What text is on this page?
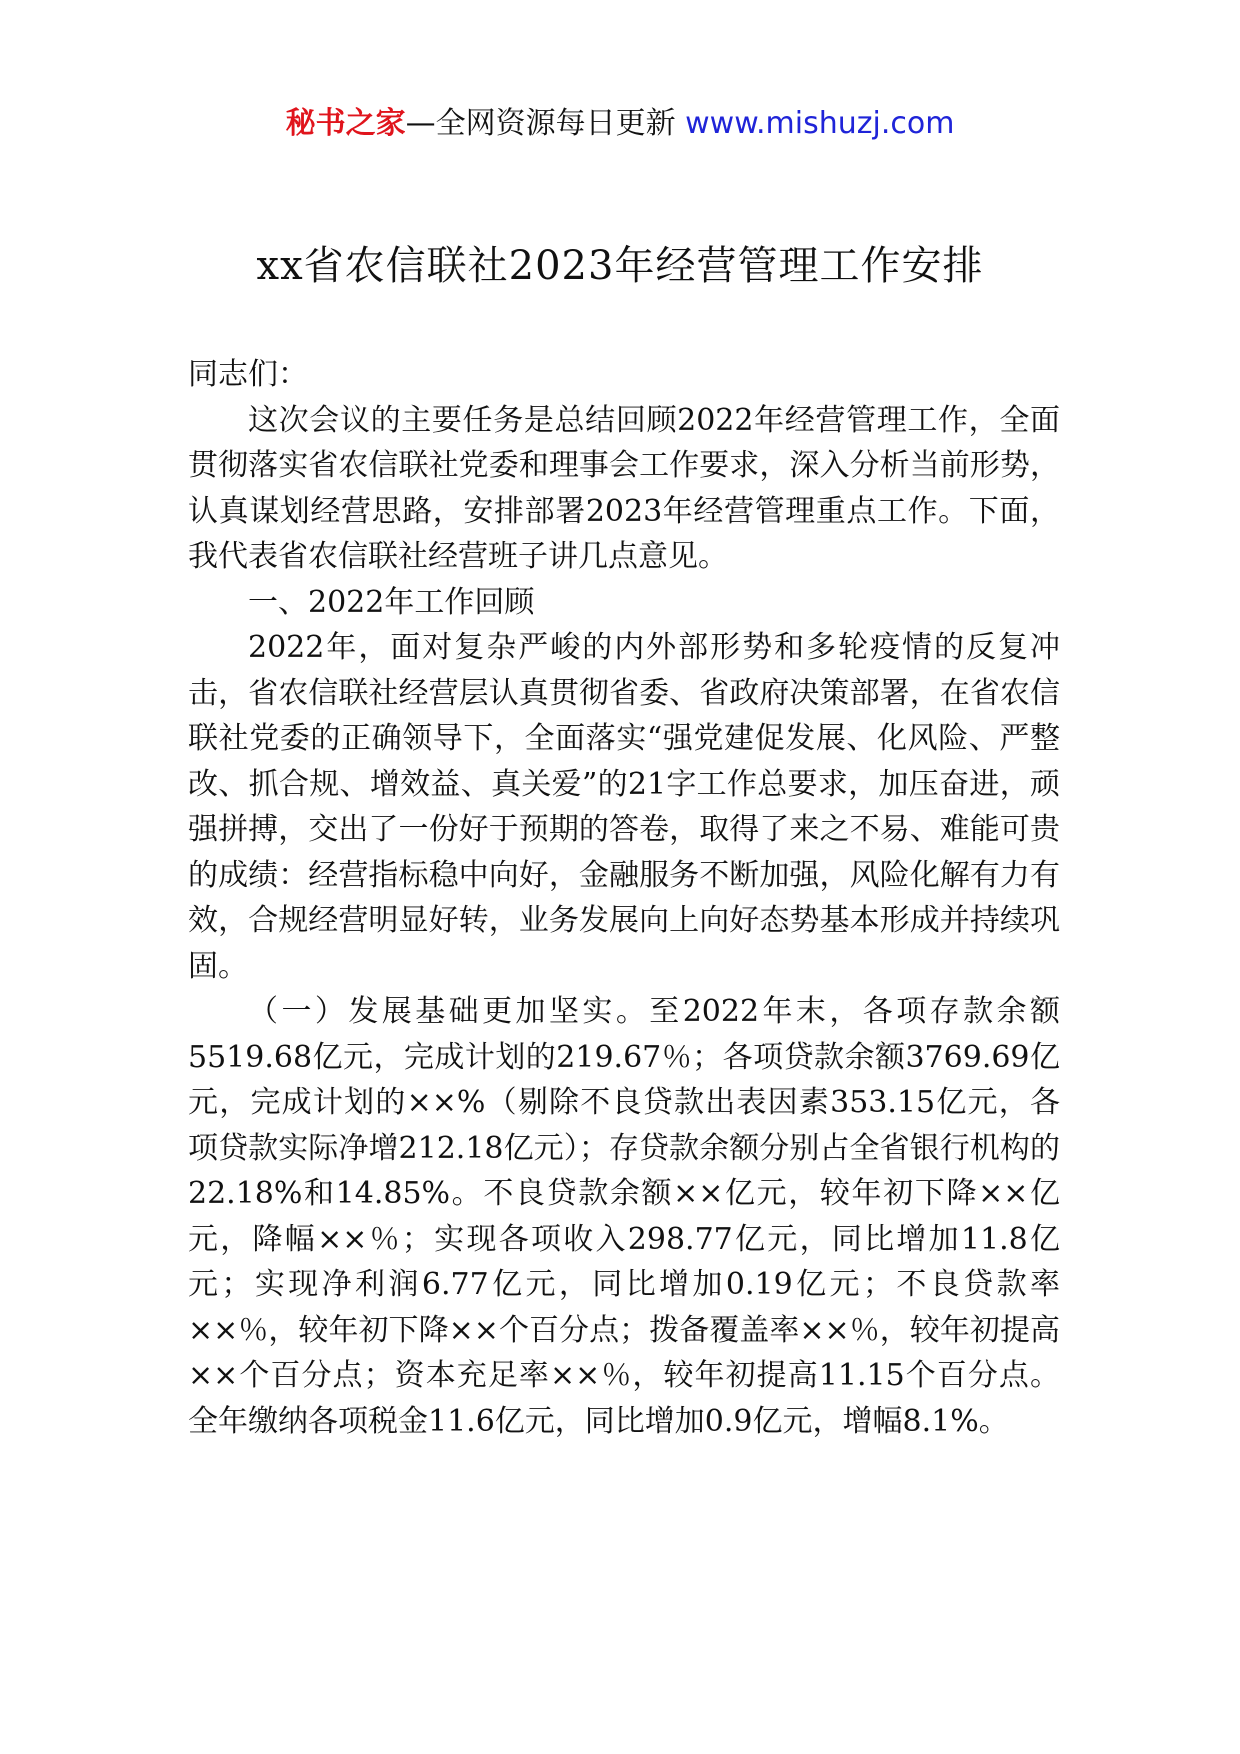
秘书之家—全网资源每日更新 www.mishuzj.com
xx省农信联社2023年经营管理工作安排

同志们：

这次会议的主要任务是总结回顾2022年经营管理工作，全面贯彻落实省农信联社党委和理事会工作要求，深入分析当前形势，认真谋划经营思路，安排部署2023年经营管理重点工作。下面，我代表省农信联社经营班子讲几点意见。

一、2022年工作回顾

2022年，面对复杂严峻的内外部形势和多轮疫情的反复冲击，省农信联社经营层认真贯彻省委、省政府决策部署，在省农信联社党委的正确领导下，全面落实“强党建促发展、化风险、严整改、抓合规、增效益、真关爱”的21字工作总要求，加压奋进，顽强拼搏，交出了一份好于预期的答卷，取得了来之不易、难能可贵的成绩：经营指标稳中向好，金融服务不断加强，风险化解有力有效，合规经营明显好转，业务发展向上向好态势基本形成并持续巩固。

（一）发展基础更加坚实。至2022年末，各项存款余额5519.68亿元，完成计划的219.67％；各项贷款余额3769.69亿元，完成计划的××%（剔除不良贷款出表因素353.15亿元，各项贷款实际净增212.18亿元）；存贷款余额分别占全省银行机构的22.18%和14.85%。不良贷款余额××亿元，较年初下降××亿元，降幅××％；实现各项收入298.77亿元，同比增加11.8亿元；实现净利润6.77亿元，同比增加0.19亿元；不良贷款率××％，较年初下降××个百分点；拨备覆盖率××％，较年初提高××个百分点；资本充足率××％，较年初提高11.15个百分点。全年缴纳各项税金11.6亿元，同比增加0.9亿元，增幅8.1%。
